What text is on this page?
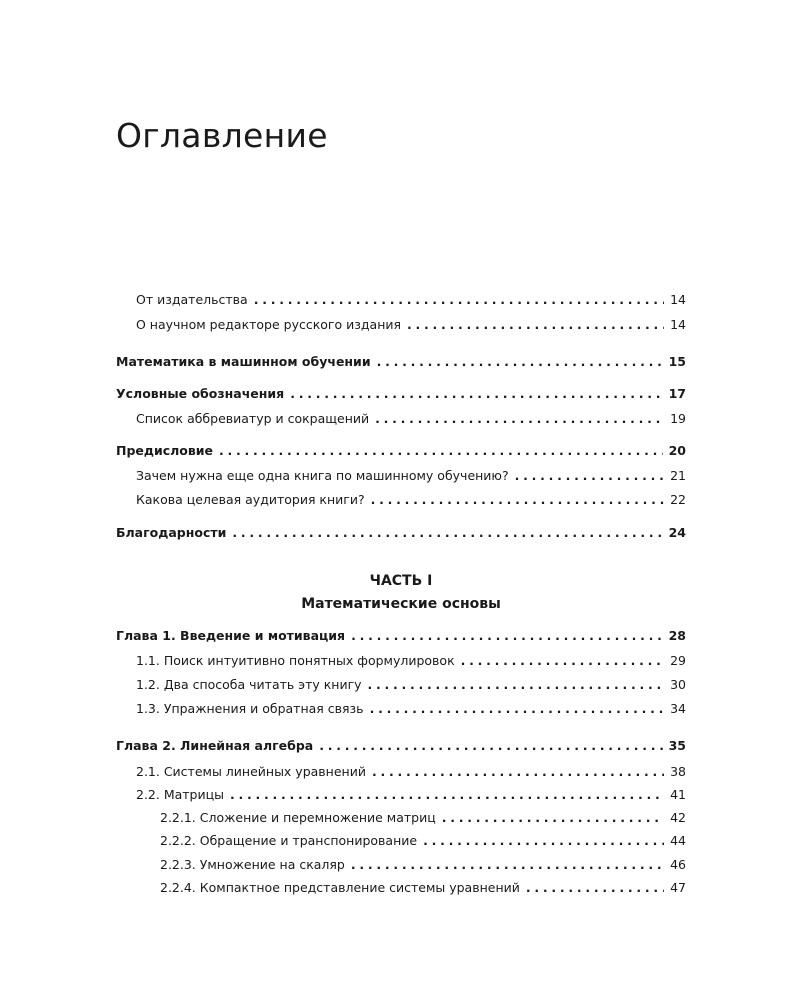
Оглавление
От издательства . . .	14
О научном редакторе русского издания . . .	14
Математика в машинном обучении . . .	15
Условные обозначения . . .	17
Список аббревиатур и сокращений . . .	19
Предисловие . . .	20
Зачем нужна еще одна книга по машинному обучению? . . .	21
Какова целевая аудитория книги? . . .	22
Благодарности . . .	24
ЧАСТЬ I
Математические основы
Глава 1. Введение и мотивация . . .	28
1.1. Поиск интуитивно понятных формулировок . . .	29
1.2. Два способа читать эту книгу . . .	30
1.3. Упражнения и обратная связь . . .	34
Глава 2. Линейная алгебра . . .	35
2.1. Системы линейных уравнений . . .	38
2.2. Матрицы . . .	41
2.2.1. Сложение и перемножение матриц . . .	42
2.2.2. Обращение и транспонирование . . .	44
2.2.3. Умножение на скаляр . . .	46
2.2.4. Компактное представление системы уравнений . . .	47
